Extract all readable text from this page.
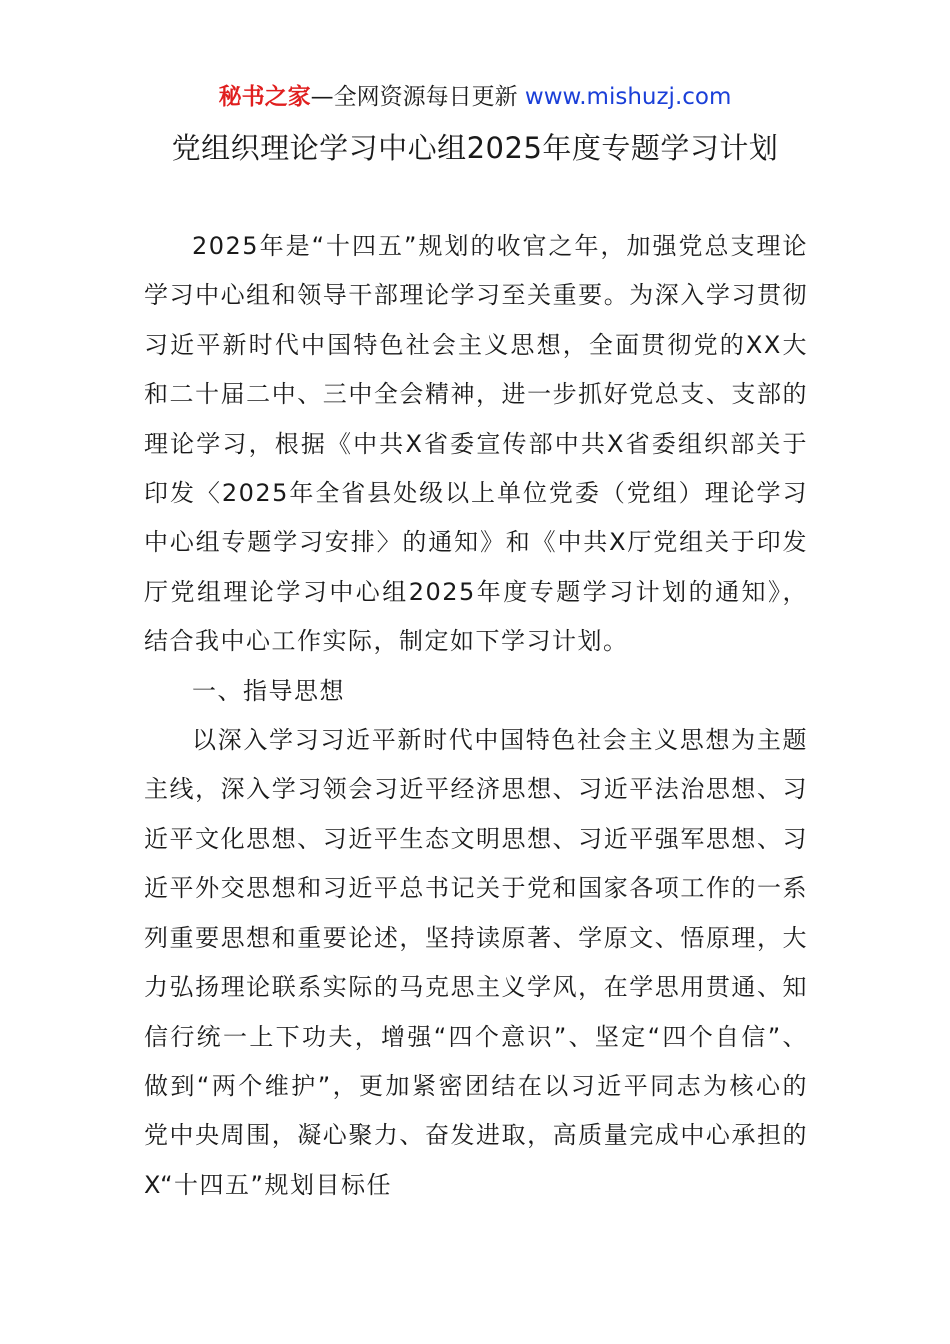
秘书之家—全网资源每日更新 www.mishuzj.com
党组织理论学习中心组2025年度专题学习计划

2025年是“十四五”规划的收官之年，加强党总支理论学习中心组和领导干部理论学习至关重要。为深入学习贯彻习近平新时代中国特色社会主义思想，全面贯彻党的XX大和二十届二中、三中全会精神，进一步抓好党总支、支部的理论学习，根据《中共X省委宣传部中共X省委组织部关于印发〈2025年全省县处级以上单位党委（党组）理论学习中心组专题学习安排〉的通知》和《中共X厅党组关于印发厅党组理论学习中心组2025年度专题学习计划的通知》，结合我中心工作实际，制定如下学习计划。

一、指导思想

以深入学习习近平新时代中国特色社会主义思想为主题主线，深入学习领会习近平经济思想、习近平法治思想、习近平文化思想、习近平生态文明思想、习近平强军思想、习近平外交思想和习近平总书记关于党和国家各项工作的一系列重要思想和重要论述，坚持读原著、学原文、悟原理，大力弘扬理论联系实际的马克思主义学风，在学思用贯通、知信行统一上下功夫，增强“四个意识”、坚定“四个自信”、做到“两个维护”，更加紧密团结在以习近平同志为核心的党中央周围，凝心聚力、奋发进取，高质量完成中心承担的X“十四五”规划目标任
